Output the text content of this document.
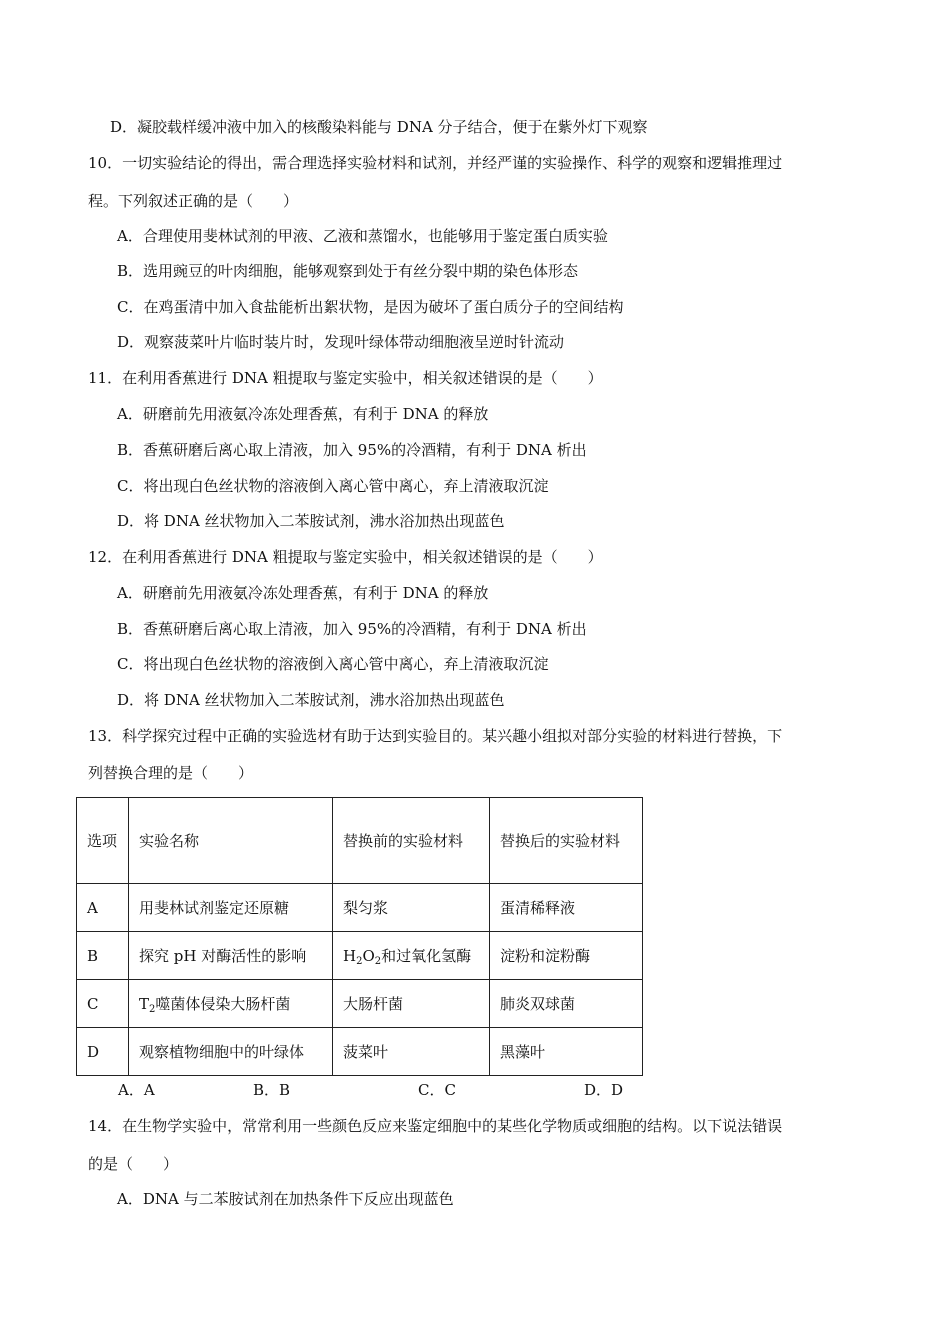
D．凝胶载样缓冲液中加入的核酸染料能与 DNA 分子结合，便于在紫外灯下观察
10．一切实验结论的得出，需合理选择实验材料和试剂，并经严谨的实验操作、科学的观察和逻辑推理过
程。下列叙述正确的是（　　）
A．合理使用斐林试剂的甲液、乙液和蒸馏水，也能够用于鉴定蛋白质实验
B．选用豌豆的叶肉细胞，能够观察到处于有丝分裂中期的染色体形态
C．在鸡蛋清中加入食盐能析出絮状物，是因为破坏了蛋白质分子的空间结构
D．观察菠菜叶片临时装片时，发现叶绿体带动细胞液呈逆时针流动
11．在利用香蕉进行 DNA 粗提取与鉴定实验中，相关叙述错误的是（　　）
A．研磨前先用液氨冷冻处理香蕉，有利于 DNA 的释放
B．香蕉研磨后离心取上清液，加入 95%的冷酒精，有利于 DNA 析出
C．将出现白色丝状物的溶液倒入离心管中离心，弃上清液取沉淀
D．将 DNA 丝状物加入二苯胺试剂，沸水浴加热出现蓝色
12．在利用香蕉进行 DNA 粗提取与鉴定实验中，相关叙述错误的是（　　）
A．研磨前先用液氨冷冻处理香蕉，有利于 DNA 的释放
B．香蕉研磨后离心取上清液，加入 95%的冷酒精，有利于 DNA 析出
C．将出现白色丝状物的溶液倒入离心管中离心，弃上清液取沉淀
D．将 DNA 丝状物加入二苯胺试剂，沸水浴加热出现蓝色
13．科学探究过程中正确的实验选材有助于达到实验目的。某兴趣小组拟对部分实验的材料进行替换，下
列替换合理的是（　　）
选项	实验名称	替换前的实验材料	替换后的实验材料
A	用斐林试剂鉴定还原糖	梨匀浆	蛋清稀释液
B	探究 pH 对酶活性的影响	$H_2O_2$和过氧化氢酶	淀粉和淀粉酶
C	$T_2$噬菌体侵染大肠杆菌	大肠杆菌	肺炎双球菌
D	观察植物细胞中的叶绿体	菠菜叶	黑藻叶
A．A	B．B	C．C	D．D
14．在生物学实验中，常常利用一些颜色反应来鉴定细胞中的某些化学物质或细胞的结构。以下说法错误
的是（　　）
A．DNA 与二苯胺试剂在加热条件下反应出现蓝色
